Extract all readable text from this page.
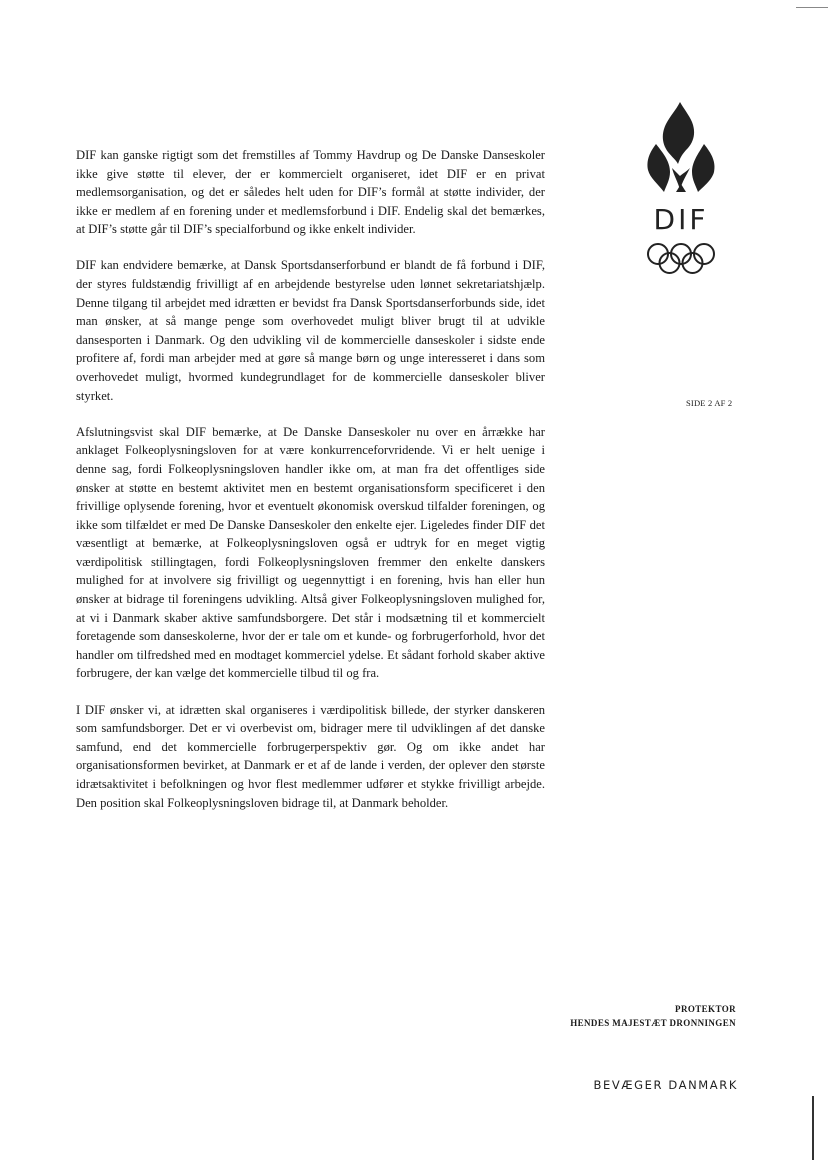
DIF kan ganske rigtigt som det fremstilles af Tommy Havdrup og De Danske Danseskoler ikke give støtte til elever, der er kommercielt organiseret, idet DIF er en privat medlemsorganisation, og det er således helt uden for DIF’s formål at støtte individer, der ikke er medlem af en forening under et medlemsforbund i DIF. Endelig skal det bemærkes, at DIF’s støtte går til DIF’s specialforbund og ikke enkelt individer.

DIF kan endvidere bemærke, at Dansk Sportsdanserforbund er blandt de få forbund i DIF, der styres fuldstændig frivilligt af en arbejdende bestyrelse uden lønnet sekretariatshjælp. Denne tilgang til arbejdet med idrætten er bevidst fra Dansk Sportsdanserforbunds side, idet man ønsker, at så mange penge som overhovedet muligt bliver brugt til at udvikle dansesporten i Danmark. Og den udvikling vil de kommercielle danseskoler i sidste ende profitere af, fordi man arbejder med at gøre så mange børn og unge interesseret i dans som overhovedet muligt, hvormed kundegrundlaget for de kommercielle danseskoler bliver styrket.

Afslutningsvist skal DIF bemærke, at De Danske Danseskoler nu over en årrække har anklaget Folkeoplysningsloven for at være konkurrenceforvridende. Vi er helt uenige i denne sag, fordi Folkeoplysningsloven handler ikke om, at man fra det offentliges side ønsker at støtte en bestemt aktivitet men en bestemt organisationsform specificeret i den frivillige oplysende forening, hvor et eventuelt økonomisk overskud tilfalder foreningen, og ikke som tilfældet er med De Danske Danseskoler den enkelte ejer. Ligeledes finder DIF det væsentligt at bemærke, at Folkeoplysningsloven også er udtryk for en meget vigtig værdipolitisk stillingtagen, fordi Folkeoplysningsloven fremmer den enkelte danskers mulighed for at involvere sig frivilligt og uegennyttigt i en forening, hvis han eller hun ønsker at bidrage til foreningens udvikling. Altså giver Folkeoplysningsloven mulighed for, at vi i Danmark skaber aktive samfundsborgere. Det står i modsætning til et kommercielt foretagende som danseskolerne, hvor der er tale om et kunde- og forbrugerforhold, hvor det handler om tilfredshed med en modtaget kommerciel ydelse. Et sådant forhold skaber aktive forbrugere, der kan vælge det kommercielle tilbud til og fra.

I DIF ønsker vi, at idrætten skal organiseres i værdipolitisk billede, der styrker danskeren som samfundsborger. Det er vi overbevist om, bidrager mere til udviklingen af det danske samfund, end det kommercielle forbrugerperspektiv gør. Og om ikke andet har organisationsformen bevirket, at Danmark er et af de lande i verden, der oplever den største idrætsaktivitet i befolkningen og hvor flest medlemmer udfører et stykke frivilligt arbejde. Den position skal Folkeoplysningsloven bidrage til, at Danmark beholder.

DIF
SIDE 2 AF 2
PROTEKTOR
HENDES MAJESTÆT DRONNINGEN
BEVÆGER DANMARK
